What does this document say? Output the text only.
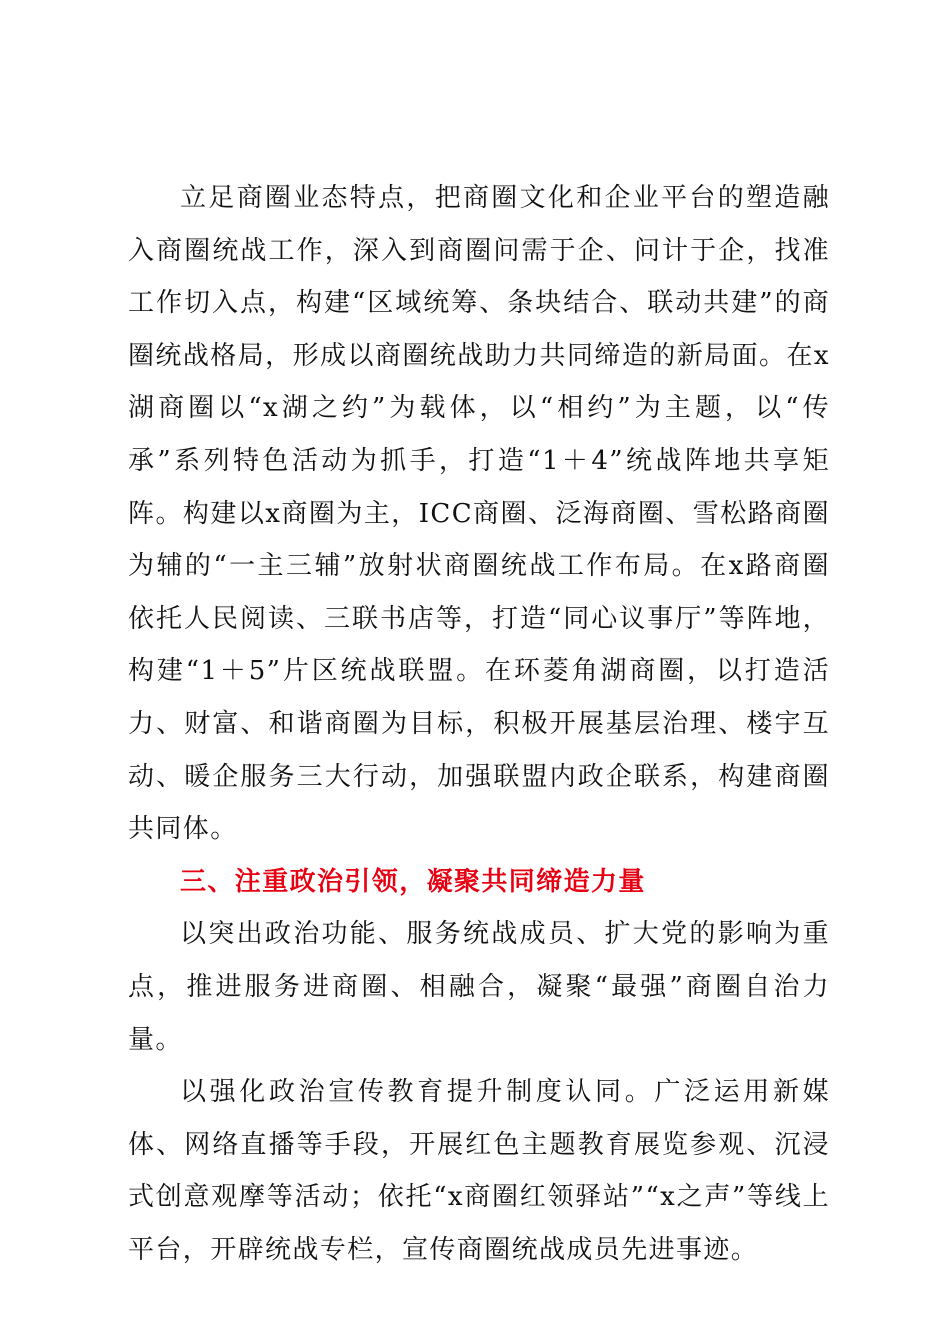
立足商圈业态特点，把商圈文化和企业平台的塑造融入商圈统战工作，深入到商圈问需于企、问计于企，找准工作切入点，构建“区域统筹、条块结合、联动共建”的商圈统战格局，形成以商圈统战助力共同缔造的新局面。在x湖商圈以“x湖之约”为载体，以“相约”为主题，以“传承”系列特色活动为抓手，打造“1＋4”统战阵地共享矩阵。构建以x商圈为主，ICC商圈、泛海商圈、雪松路商圈为辅的“一主三辅”放射状商圈统战工作布局。在x路商圈依托人民阅读、三联书店等，打造“同心议事厅”等阵地，构建“1＋5”片区统战联盟。在环菱角湖商圈，以打造活力、财富、和谐商圈为目标，积极开展基层治理、楼宇互动、暖企服务三大行动，加强联盟内政企联系，构建商圈共同体。

三、注重政治引领，凝聚共同缔造力量

以突出政治功能、服务统战成员、扩大党的影响为重点，推进服务进商圈、相融合，凝聚“最强”商圈自治力量。

以强化政治宣传教育提升制度认同。广泛运用新媒体、网络直播等手段，开展红色主题教育展览参观、沉浸式创意观摩等活动；依托“x商圈红领驿站”“x之声”等线上平台，开辟统战专栏，宣传商圈统战成员先进事迹。
